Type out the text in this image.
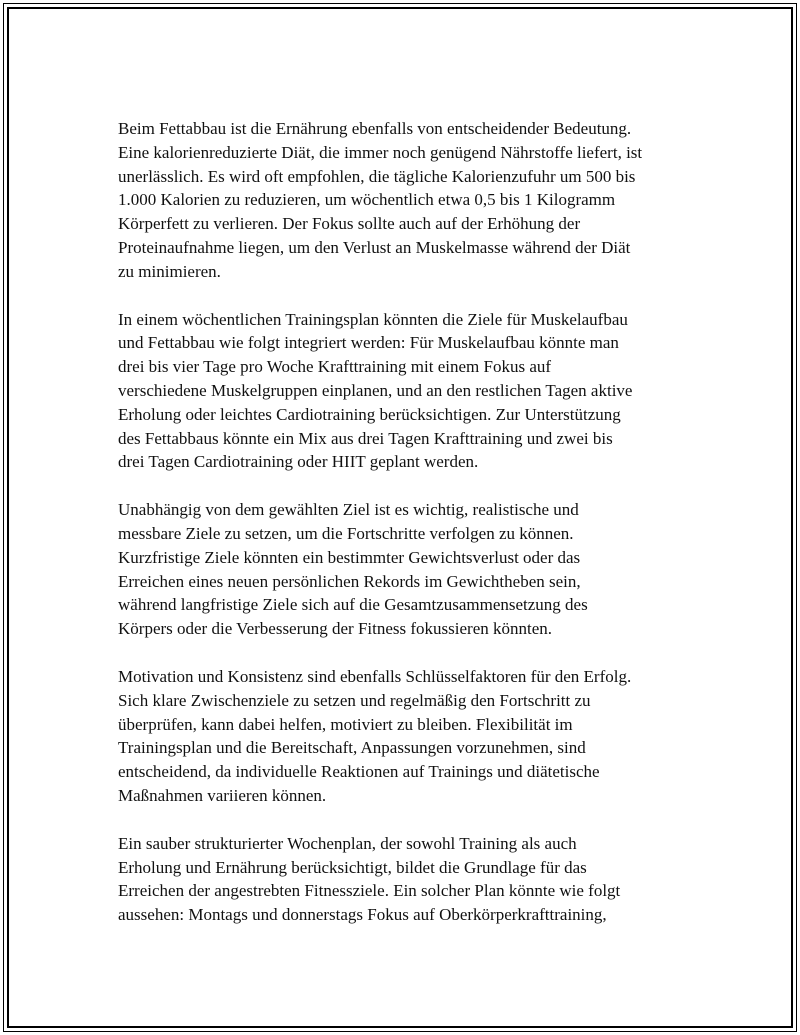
Beim Fettabbau ist die Ernährung ebenfalls von entscheidender Bedeutung.
Eine kalorienreduzierte Diät, die immer noch genügend Nährstoffe liefert, ist
unerlässlich. Es wird oft empfohlen, die tägliche Kalorienzufuhr um 500 bis
1.000 Kalorien zu reduzieren, um wöchentlich etwa 0,5 bis 1 Kilogramm
Körperfett zu verlieren. Der Fokus sollte auch auf der Erhöhung der
Proteinaufnahme liegen, um den Verlust an Muskelmasse während der Diät
zu minimieren.

In einem wöchentlichen Trainingsplan könnten die Ziele für Muskelaufbau
und Fettabbau wie folgt integriert werden: Für Muskelaufbau könnte man
drei bis vier Tage pro Woche Krafttraining mit einem Fokus auf
verschiedene Muskelgruppen einplanen, und an den restlichen Tagen aktive
Erholung oder leichtes Cardiotraining berücksichtigen. Zur Unterstützung
des Fettabbaus könnte ein Mix aus drei Tagen Krafttraining und zwei bis
drei Tagen Cardiotraining oder HIIT geplant werden.

Unabhängig von dem gewählten Ziel ist es wichtig, realistische und
messbare Ziele zu setzen, um die Fortschritte verfolgen zu können.
Kurzfristige Ziele könnten ein bestimmter Gewichtsverlust oder das
Erreichen eines neuen persönlichen Rekords im Gewichtheben sein,
während langfristige Ziele sich auf die Gesamtzusammensetzung des
Körpers oder die Verbesserung der Fitness fokussieren könnten.

Motivation und Konsistenz sind ebenfalls Schlüsselfaktoren für den Erfolg.
Sich klare Zwischenziele zu setzen und regelmäßig den Fortschritt zu
überprüfen, kann dabei helfen, motiviert zu bleiben. Flexibilität im
Trainingsplan und die Bereitschaft, Anpassungen vorzunehmen, sind
entscheidend, da individuelle Reaktionen auf Trainings und diätetische
Maßnahmen variieren können.

Ein sauber strukturierter Wochenplan, der sowohl Training als auch
Erholung und Ernährung berücksichtigt, bildet die Grundlage für das
Erreichen der angestrebten Fitnessziele. Ein solcher Plan könnte wie folgt
aussehen: Montags und donnerstags Fokus auf Oberkörperkrafttraining,
